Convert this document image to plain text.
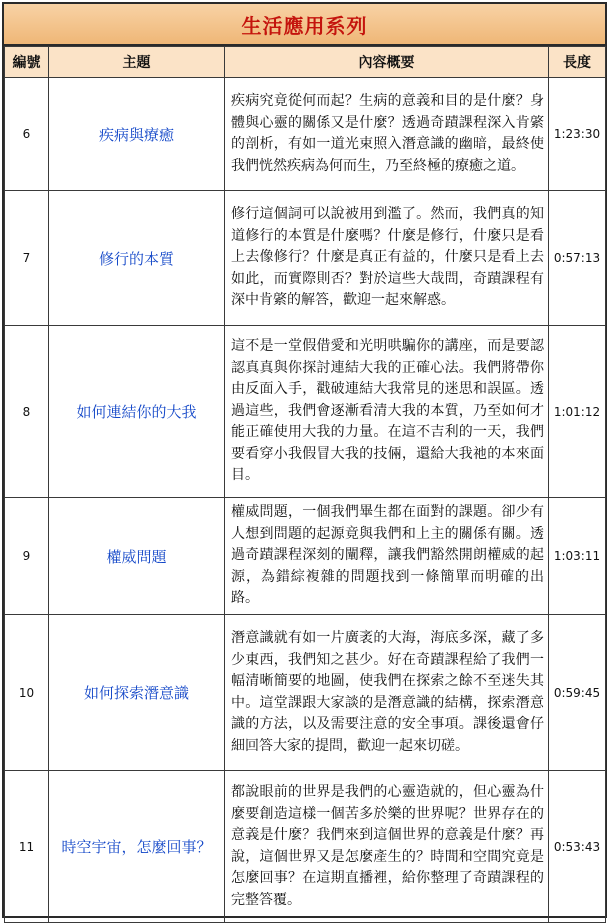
生活應用系列
編號	主題	內容概要	長度
6	疾病與療癒	疾病究竟從何而起？生病的意義和目的是什麼？身體與心靈的關係又是什麼？透過奇蹟課程深入肯綮的剖析，有如一道光束照入潛意識的幽暗，最終使我們恍然疾病為何而生，乃至終極的療癒之道。	1:23:30
7	修行的本質	修行這個詞可以說被用到濫了。然而，我們真的知道修行的本質是什麼嗎？什麼是修行，什麼只是看上去像修行？什麼是真正有益的，什麼只是看上去如此，而實際則否？對於這些大哉問，奇蹟課程有深中肯綮的解答，歡迎一起來解惑。	0:57:13
8	如何連結你的大我	這不是一堂假借愛和光明哄騙你的講座，而是要認認真真與你探討連結大我的正確心法。我們將帶你由反面入手，戳破連結大我常見的迷思和誤區。透過這些，我們會逐漸看清大我的本質，乃至如何才能正確使用大我的力量。在這不吉利的一天，我們要看穿小我假冒大我的技倆，還給大我祂的本來面目。	1:01:12
9	權威問題	權威問題，一個我們畢生都在面對的課題。卻少有人想到問題的起源竟與我們和上主的關係有關。透過奇蹟課程深刻的闡釋，讓我們豁然開朗權威的起源，為錯綜複雜的問題找到一條簡單而明確的出路。	1:03:11
10	如何探索潛意識	潛意識就有如一片廣袤的大海，海底多深，藏了多少東西，我們知之甚少。好在奇蹟課程給了我們一幅清晰簡要的地圖，使我們在探索之餘不至迷失其中。這堂課跟大家談的是潛意識的結構，探索潛意識的方法，以及需要注意的安全事項。課後還會仔細回答大家的提問，歡迎一起來切磋。	0:59:45
11	時空宇宙，怎麼回事？	都說眼前的世界是我們的心靈造就的，但心靈為什麼要創造這樣一個苦多於樂的世界呢？世界存在的意義是什麼？我們來到這個世界的意義是什麼？再說，這個世界又是怎麼產生的？時間和空間究竟是怎麼回事？在這期直播裡，給你整理了奇蹟課程的完整答覆。	0:53:43
